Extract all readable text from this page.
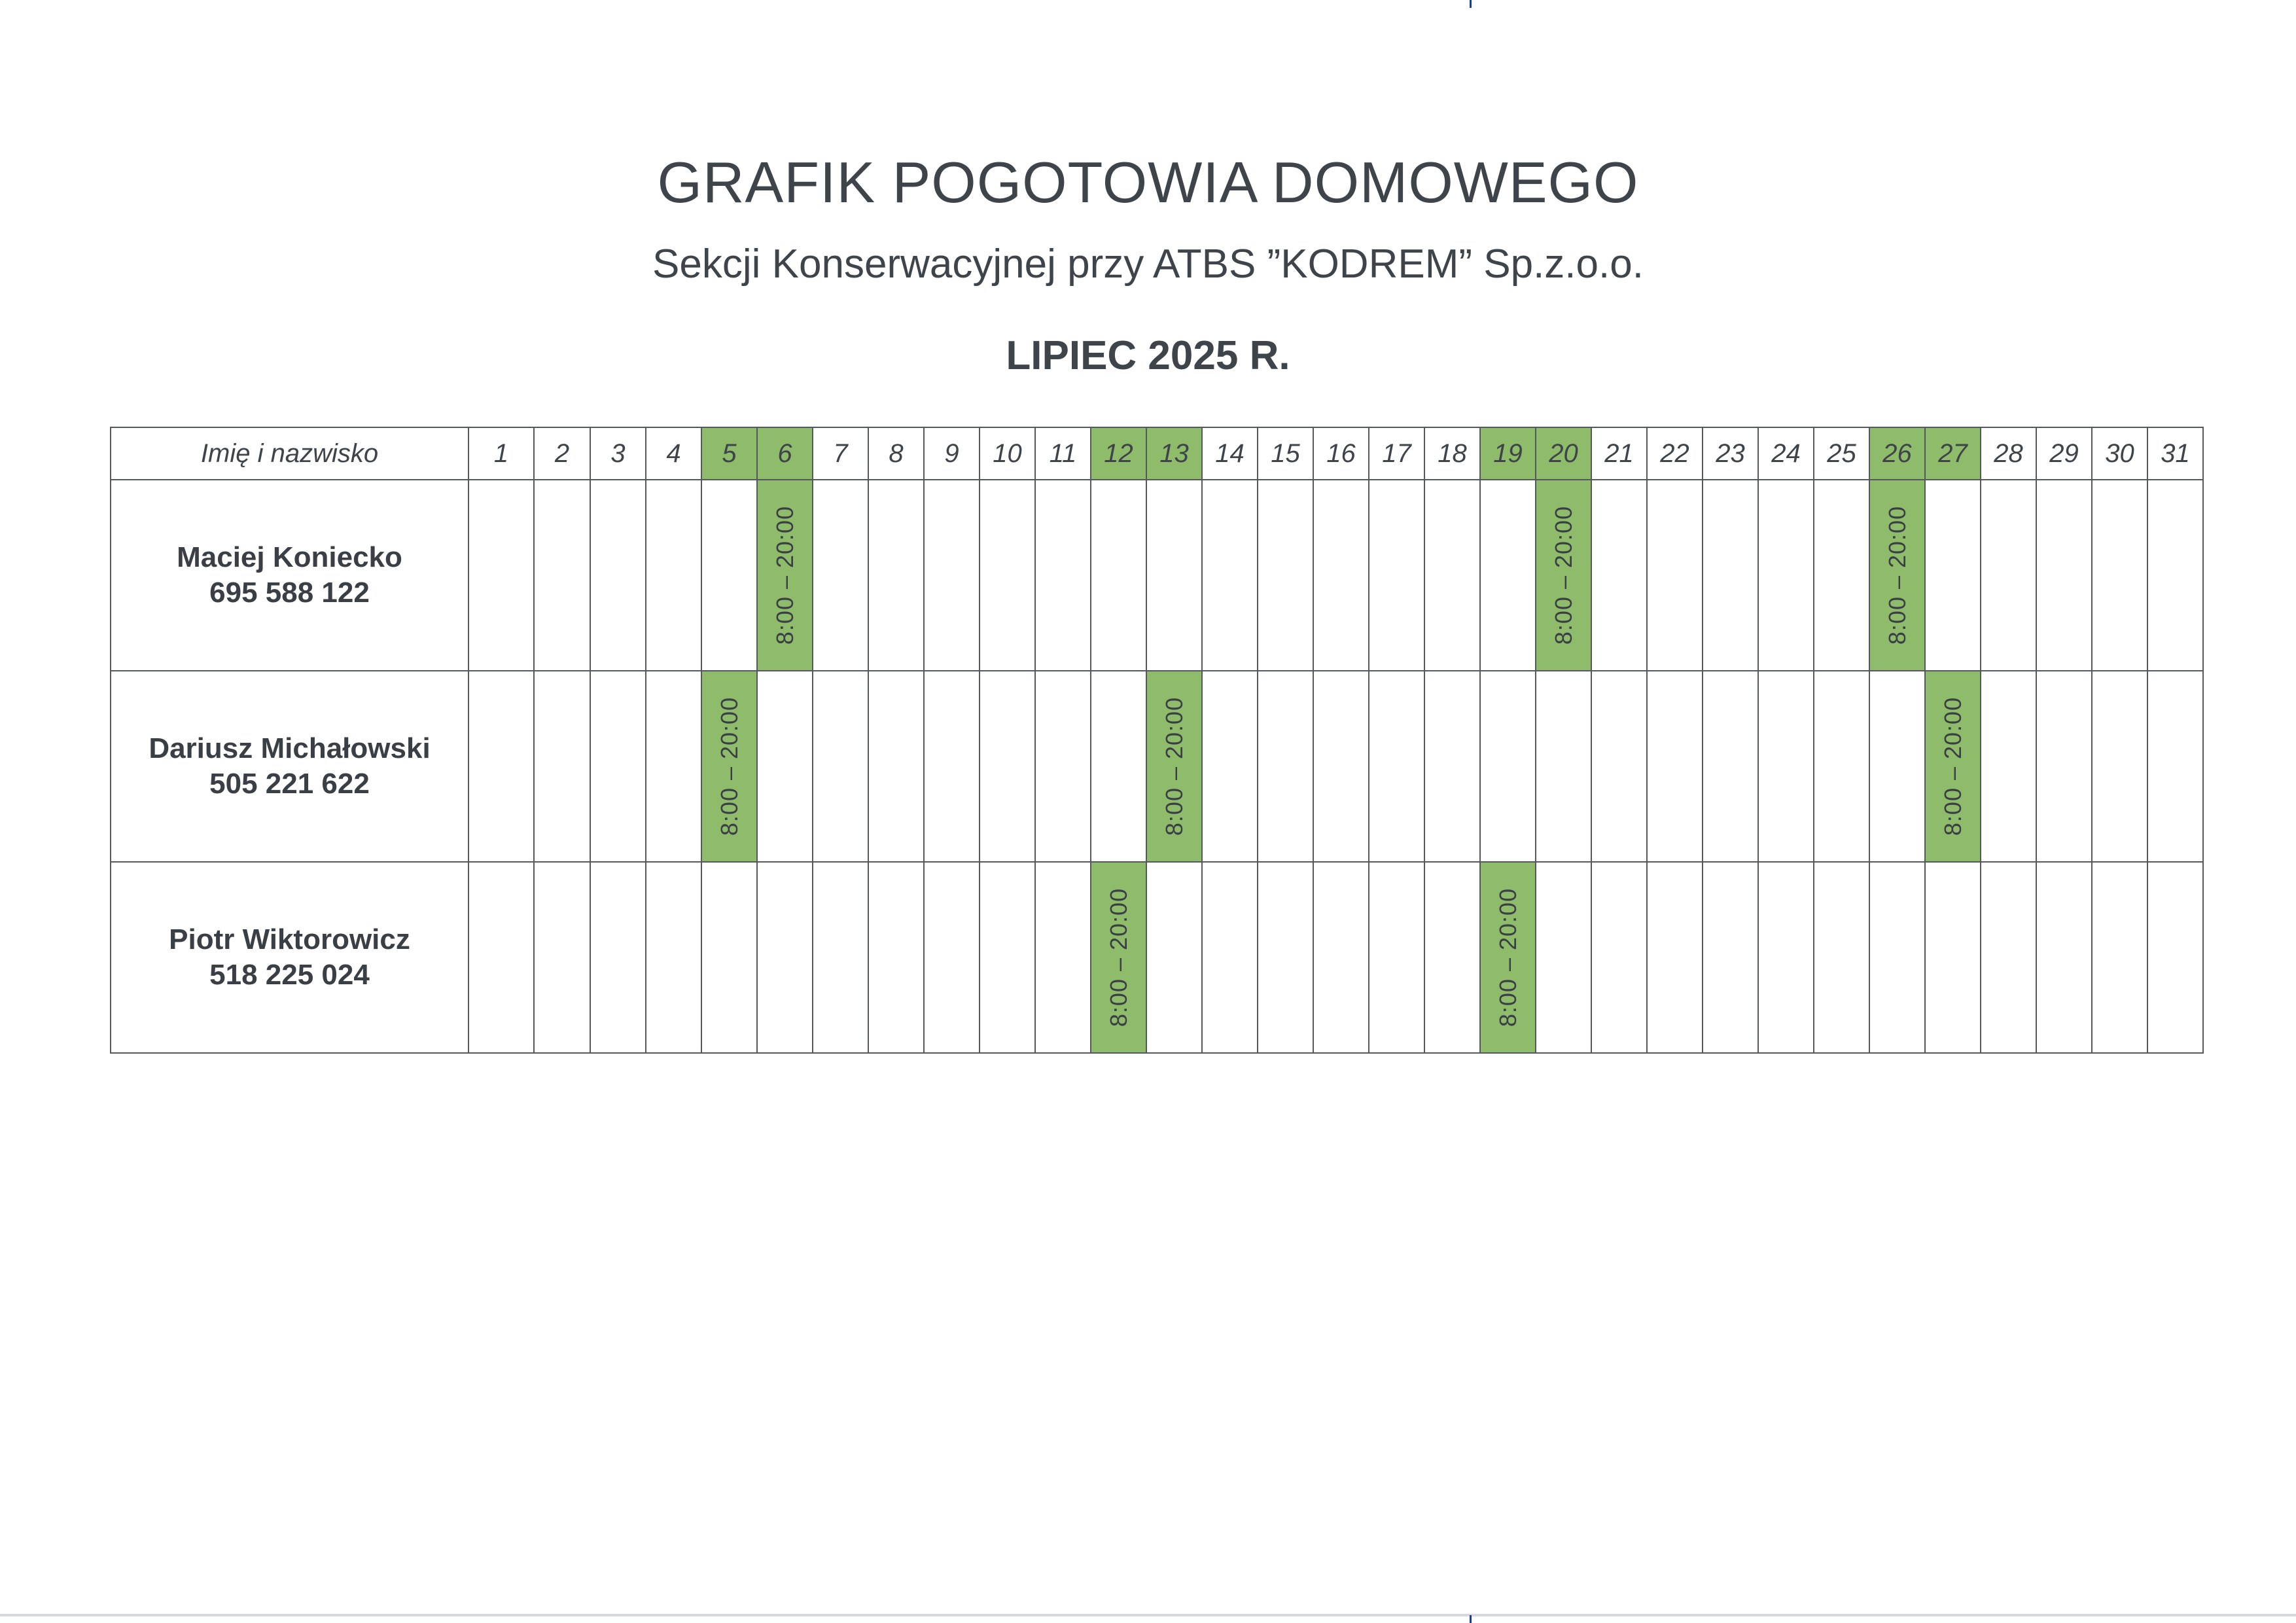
GRAFIK POGOTOWIA DOMOWEGO
Sekcji Konserwacyjnej przy ATBS ”KODREM” Sp.z.o.o.
LIPIEC 2025 R.
Imię i nazwisko	1	2	3	4	5	6	7	8	9	10	11	12	13	14	15	16	17	18	19	20	21	22	23	24	25	26	27	28	29	30	31

Maciej Koniecko
695 588 122						8:00 – 20:00														8:00 – 20:00						8:00 – 20:00					

Dariusz Michałowski
505 221 622					8:00 – 20:00								8:00 – 20:00														8:00 – 20:00				

Piotr Wiktorowicz
518 225 024												8:00 – 20:00							8:00 – 20:00												
